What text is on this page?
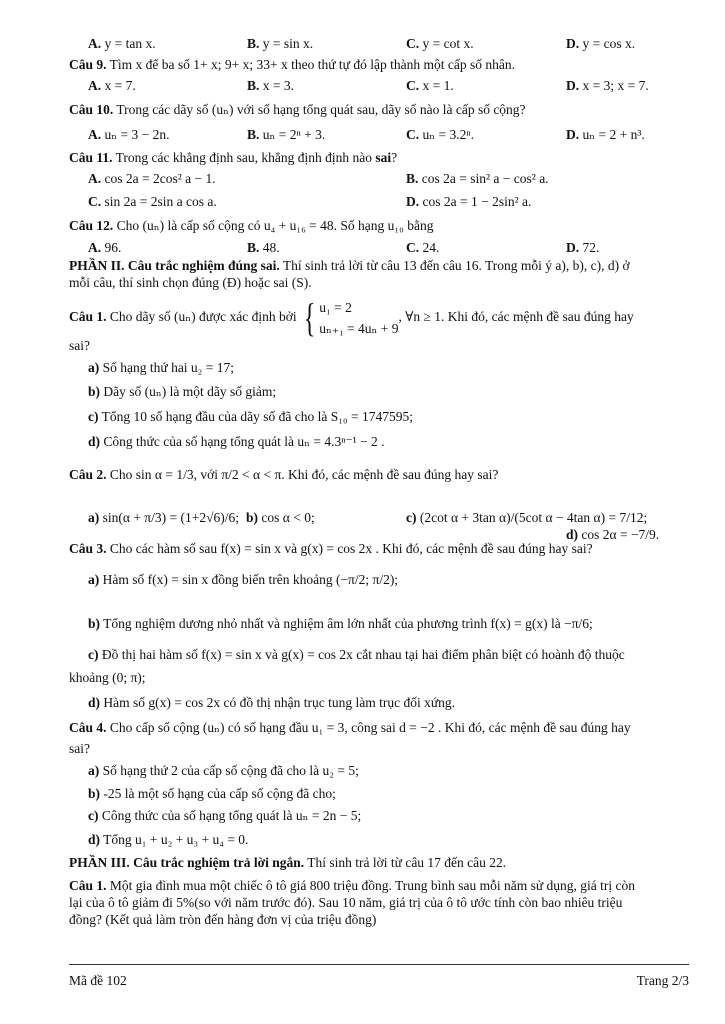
A. y = tan x.	B. y = sin x.	C. y = cot x.	D. y = cos x.
Câu 9. Tìm x để ba số 1+ x; 9+ x; 33+ x theo thứ tự đó lập thành một cấp số nhân.
A. x = 7.	B. x = 3.	C. x = 1.	D. x = 3; x = 7.
Câu 10. Trong các dãy số (uₙ) với số hạng tổng quát sau, dãy số nào là cấp số cộng?
A. uₙ = 3 − 2n.	B. uₙ = 2ⁿ + 3.	C. uₙ = 3.2ⁿ.	D. uₙ = 2 + n³.
Câu 11. Trong các khẳng định sau, khẳng định định nào sai?
A. cos 2a = 2cos² a − 1.	B. cos 2a = sin² a − cos² a.
C. sin 2a = 2sin a cos a.	D. cos 2a = 1 − 2sin² a.
Câu 12. Cho (uₙ) là cấp số cộng có u₄ + u₁₆ = 48. Số hạng u₁₀ bằng
A. 96.	B. 48.	C. 24.	D. 72.
PHẦN II. Câu trắc nghiệm đúng sai. Thí sinh trả lời từ câu 13 đến câu 16. Trong mỗi ý a), b), c), d) ở
mỗi câu, thí sinh chọn đúng (Đ) hoặc sai (S).
Câu 1. Cho dãy số (uₙ) được xác định bởi { u₁ = 2
uₙ₊₁ = 4uₙ + 9
, ∀n ≥ 1. Khi đó, các mệnh đề sau đúng hay
sai?
a) Số hạng thứ hai u₂ = 17;
b) Dãy số (uₙ) là một dãy số giảm;
c) Tổng 10 số hạng đầu của dãy số đã cho là S₁₀ = 1747595;
d) Công thức của số hạng tổng quát là uₙ = 4.3ⁿ⁻¹ − 2 .
Câu 2. Cho sin α = 1/3, với π/2 < α < π. Khi đó, các mệnh đề sau đúng hay sai?
a) sin(α + π/3) = (1+2√6)/6; b) cos α < 0;	c) (2cot α + 3tan α)/(5cot α − 4tan α) = 7/12;
d) cos 2α = −7/9.
Câu 3. Cho các hàm số sau f(x) = sin x và g(x) = cos 2x . Khi đó, các mệnh đề sau đúng hay sai?
a) Hàm số f(x) = sin x đồng biến trên khoảng (−π/2; π/2);
b) Tổng nghiệm dương nhỏ nhất và nghiệm âm lớn nhất của phương trình f(x) = g(x) là −π/6;
c) Đồ thị hai hàm số f(x) = sin x và g(x) = cos 2x cắt nhau tại hai điểm phân biệt có hoành độ thuộc
khoảng (0; π);
d) Hàm số g(x) = cos 2x có đồ thị nhận trục tung làm trục đối xứng.
Câu 4. Cho cấp số cộng (uₙ) có số hạng đầu u₁ = 3, công sai d = −2 . Khi đó, các mệnh đề sau đúng hay
sai?
a) Số hạng thứ 2 của cấp số cộng đã cho là u₂ = 5;
b) -25 là một số hạng của cấp số cộng đã cho;
c) Công thức của số hạng tổng quát là uₙ = 2n − 5;
d) Tổng u₁ + u₂ + u₃ + u₄ = 0.
PHẦN III. Câu trắc nghiệm trả lời ngắn. Thí sinh trả lời từ câu 17 đến câu 22.
Câu 1. Một gia đình mua một chiếc ô tô giá 800 triệu đồng. Trung bình sau mỗi năm sử dụng, giá trị còn
lại của ô tô giảm đi 5%(so với năm trước đó). Sau 10 năm, giá trị của ô tô ước tính còn bao nhiêu triệu
đồng? (Kết quả làm tròn đến hàng đơn vị của triệu đồng)
Mã đề 102	Trang 2/3
